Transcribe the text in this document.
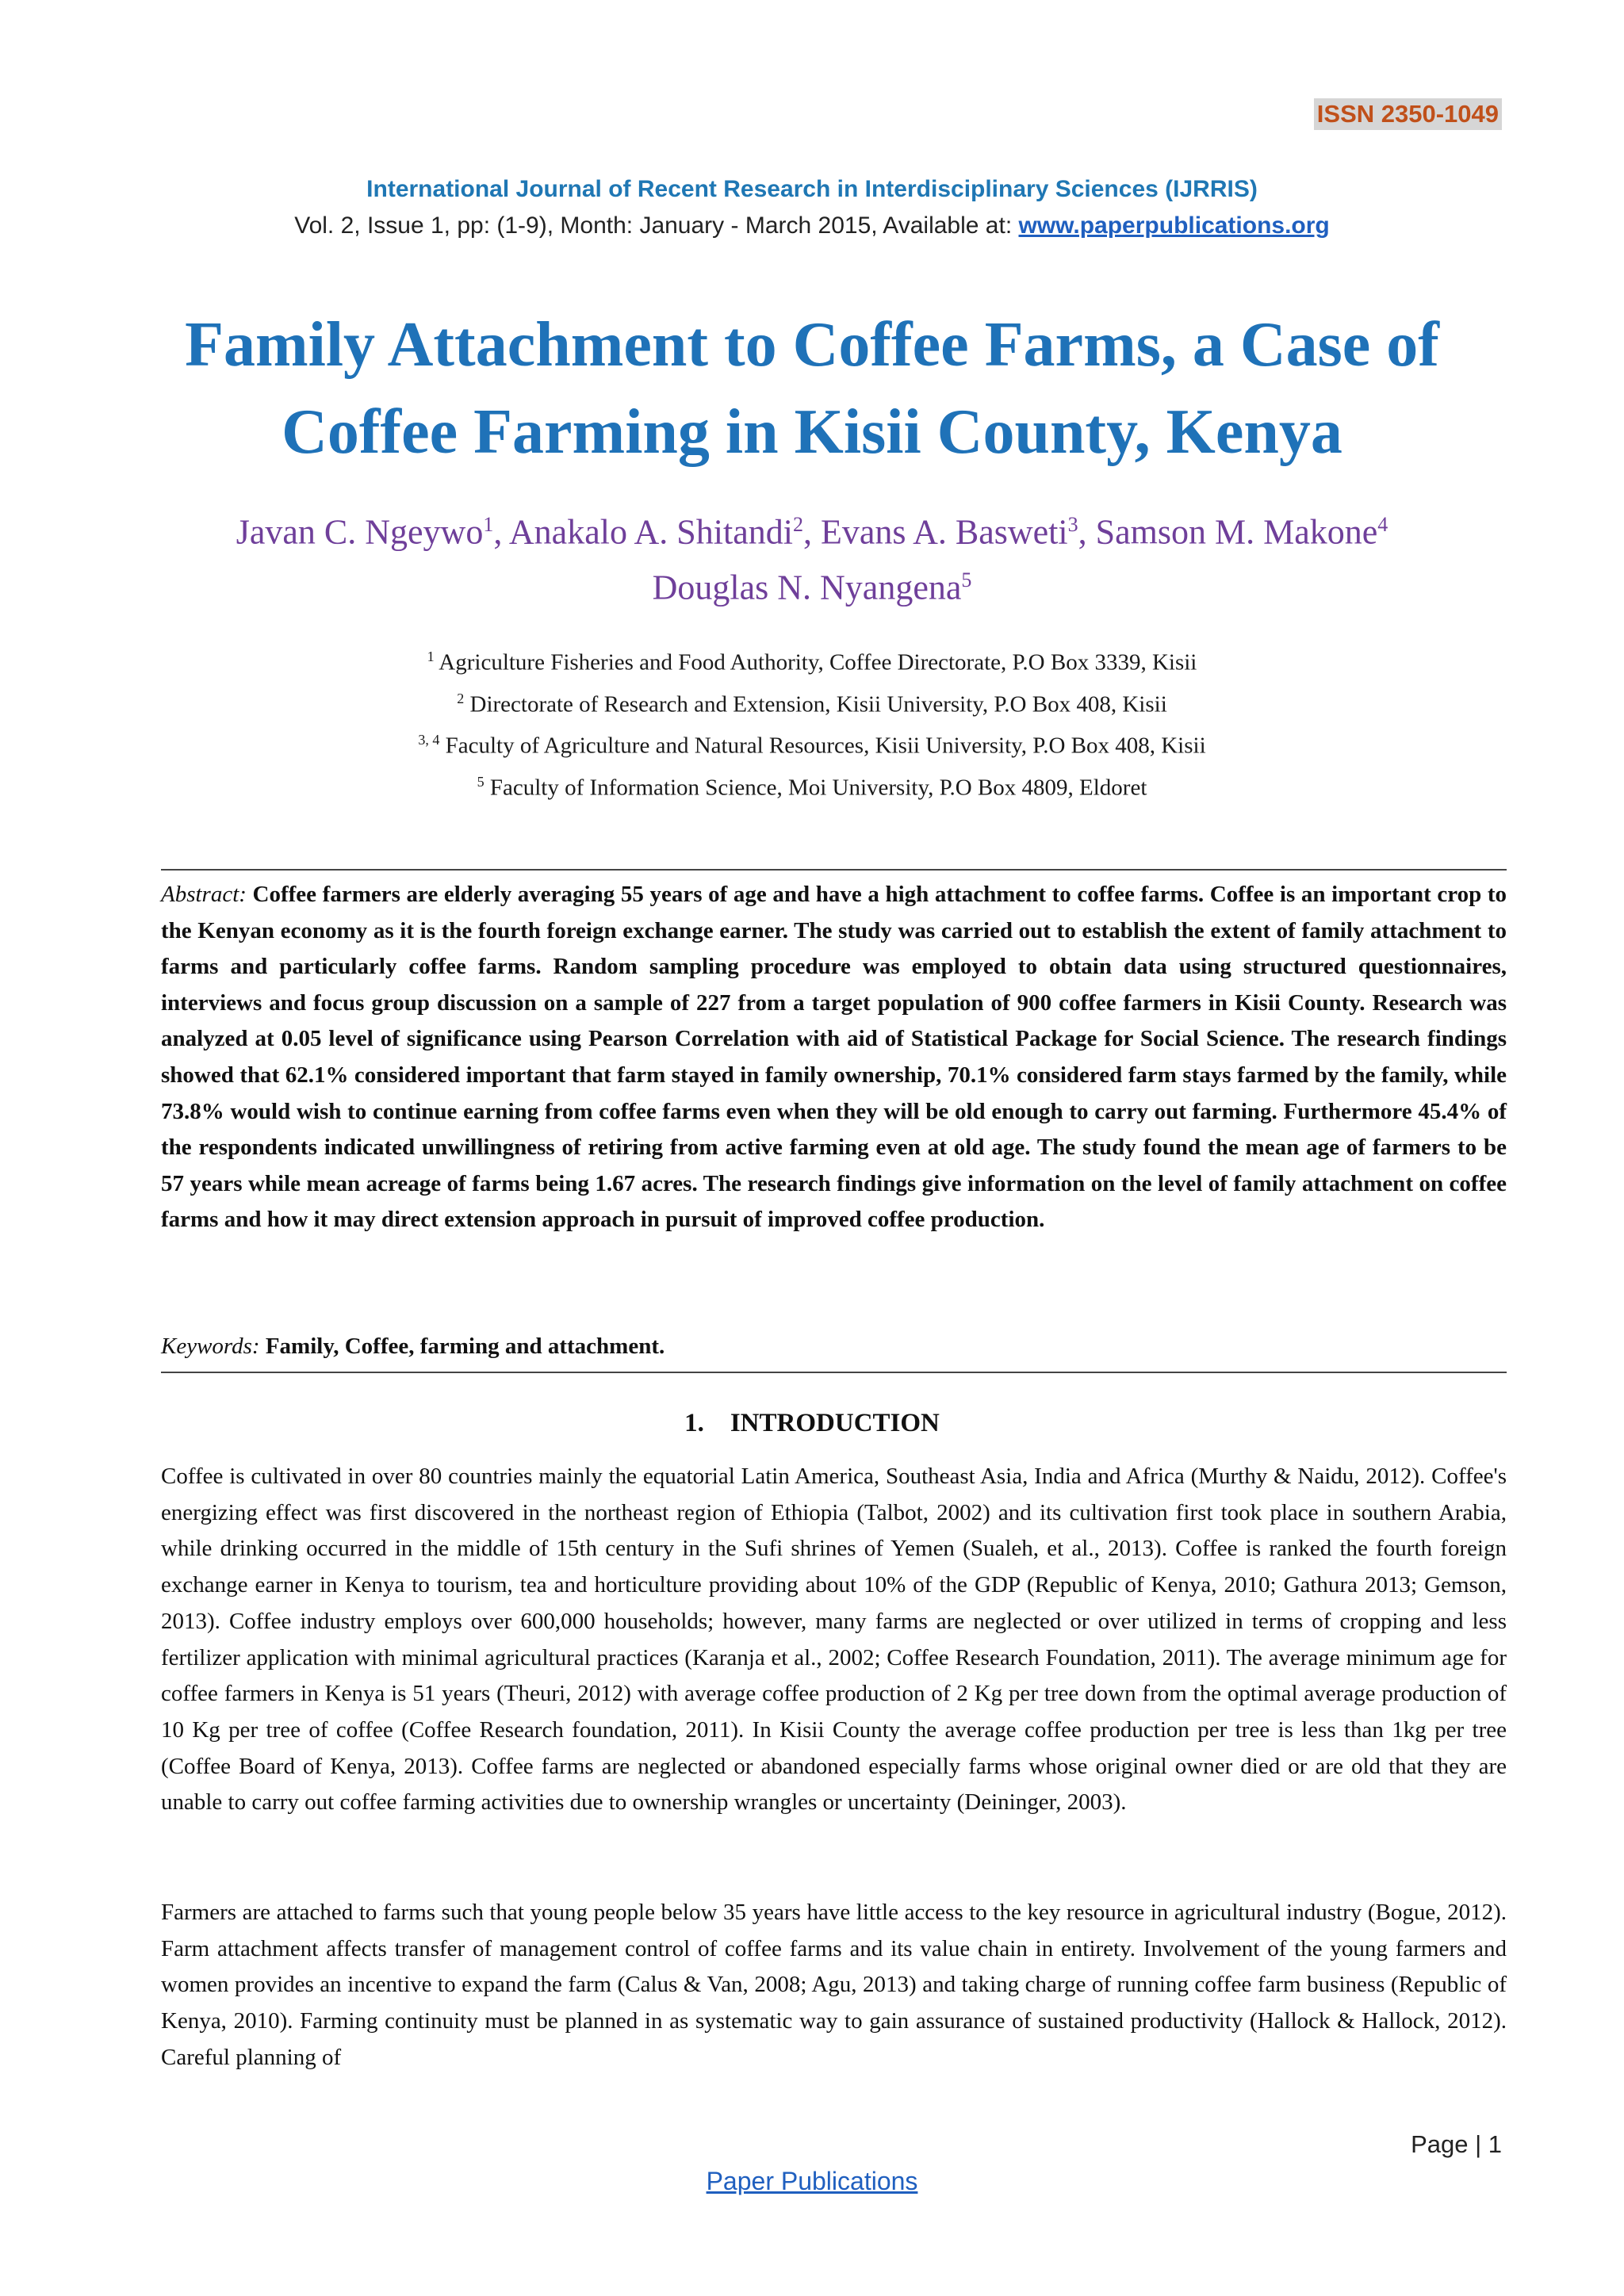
ISSN 2350-1049
International Journal of Recent Research in Interdisciplinary Sciences (IJRRIS)
Vol. 2, Issue 1, pp: (1-9), Month: January - March 2015, Available at: www.paperpublications.org
Family Attachment to Coffee Farms, a Case of
Coffee Farming in Kisii County, Kenya
Javan C. Ngeywo$^1$, Anakalo A. Shitandi$^2$, Evans A. Basweti$^3$, Samson M. Makone$^4$
Douglas N. Nyangena$^5$
$^1$ Agriculture Fisheries and Food Authority, Coffee Directorate, P.O Box 3339, Kisii
$^2$ Directorate of Research and Extension, Kisii University, P.O Box 408, Kisii
$^{3, 4}$ Faculty of Agriculture and Natural Resources, Kisii University, P.O Box 408, Kisii
$^5$ Faculty of Information Science, Moi University, P.O Box 4809, Eldoret
Abstract: Coffee farmers are elderly averaging 55 years of age and have a high attachment to coffee farms. Coffee is an important crop to the Kenyan economy as it is the fourth foreign exchange earner. The study was carried out to establish the extent of family attachment to farms and particularly coffee farms. Random sampling procedure was employed to obtain data using structured questionnaires, interviews and focus group discussion on a sample of 227 from a target population of 900 coffee farmers in Kisii County. Research was analyzed at 0.05 level of significance using Pearson Correlation with aid of Statistical Package for Social Science. The research findings showed that 62.1% considered important that farm stayed in family ownership, 70.1% considered farm stays farmed by the family, while 73.8% would wish to continue earning from coffee farms even when they will be old enough to carry out farming. Furthermore 45.4% of the respondents indicated unwillingness of retiring from active farming even at old age. The study found the mean age of farmers to be 57 years while mean acreage of farms being 1.67 acres. The research findings give information on the level of family attachment on coffee farms and how it may direct extension approach in pursuit of improved coffee production.
Keywords: Family, Coffee, farming and attachment.
1. INTRODUCTION

Coffee is cultivated in over 80 countries mainly the equatorial Latin America, Southeast Asia, India and Africa (Murthy & Naidu, 2012). Coffee's energizing effect was first discovered in the northeast region of Ethiopia (Talbot, 2002) and its cultivation first took place in southern Arabia, while drinking occurred in the middle of 15th century in the Sufi shrines of Yemen (Sualeh, et al., 2013). Coffee is ranked the fourth foreign exchange earner in Kenya to tourism, tea and horticulture providing about 10% of the GDP (Republic of Kenya, 2010; Gathura 2013; Gemson, 2013). Coffee industry employs over 600,000 households; however, many farms are neglected or over utilized in terms of cropping and less fertilizer application with minimal agricultural practices (Karanja et al., 2002; Coffee Research Foundation, 2011). The average minimum age for coffee farmers in Kenya is 51 years (Theuri, 2012) with average coffee production of 2 Kg per tree down from the optimal average production of 10 Kg per tree of coffee (Coffee Research foundation, 2011). In Kisii County the average coffee production per tree is less than 1kg per tree (Coffee Board of Kenya, 2013). Coffee farms are neglected or abandoned especially farms whose original owner died or are old that they are unable to carry out coffee farming activities due to ownership wrangles or uncertainty (Deininger, 2003).

Farmers are attached to farms such that young people below 35 years have little access to the key resource in agricultural industry (Bogue, 2012). Farm attachment affects transfer of management control of coffee farms and its value chain in entirety. Involvement of the young farmers and women provides an incentive to expand the farm (Calus & Van, 2008; Agu, 2013) and taking charge of running coffee farm business (Republic of Kenya, 2010). Farming continuity must be planned in as systematic way to gain assurance of sustained productivity (Hallock & Hallock, 2012). Careful planning of

Page | 1
Paper Publications
